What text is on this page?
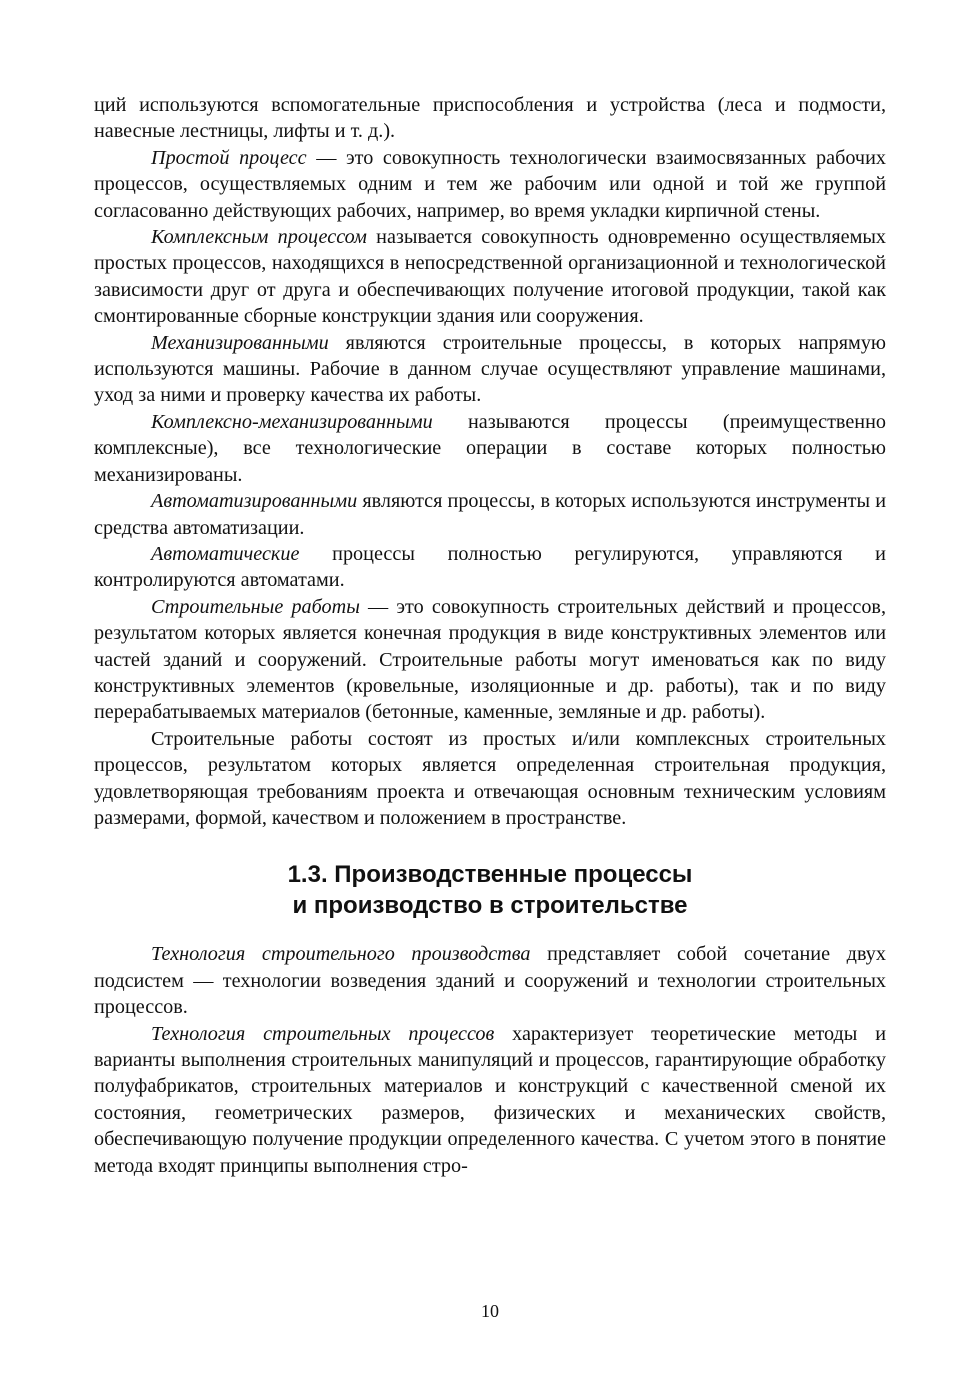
ций используются вспомогательные приспособления и устройства (леса и подмости, навесные лестницы, лифты и т. д.).

Простой процесс — это совокупность технологически взаимосвязанных рабочих процессов, осуществляемых одним и тем же рабочим или одной и той же группой согласованно действующих рабочих, например, во время укладки кирпичной стены.

Комплексным процессом называется совокупность одновременно осуществляемых простых процессов, находящихся в непосредственной организационной и технологической зависимости друг от друга и обеспечивающих получение итоговой продукции, такой как смонтированные сборные конструкции здания или сооружения.

Механизированными являются строительные процессы, в которых напрямую используются машины. Рабочие в данном случае осуществляют управление машинами, уход за ними и проверку качества их работы.

Комплексно-механизированными называются процессы (преимущественно комплексные), все технологические операции в составе которых полностью механизированы.

Автоматизированными являются процессы, в которых используются инструменты и средства автоматизации.

Автоматические процессы полностью регулируются, управляются и контролируются автоматами.

Строительные работы — это совокупность строительных действий и процессов, результатом которых является конечная продукция в виде конструктивных элементов или частей зданий и сооружений. Строительные работы могут именоваться как по виду конструктивных элементов (кровельные, изоляционные и др. работы), так и по виду перерабатываемых материалов (бетонные, каменные, земляные и др. работы).

Строительные работы состоят из простых и/или комплексных строительных процессов, результатом которых является определенная строительная продукция, удовлетворяющая требованиям проекта и отвечающая основным техническим условиям размерами, формой, качеством и положением в пространстве.

1.3. Производственные процессы
и производство в строительстве

Технология строительного производства представляет собой сочетание двух подсистем — технологии возведения зданий и сооружений и технологии строительных процессов.

Технология строительных процессов характеризует теоретические методы и варианты выполнения строительных манипуляций и процессов, гарантирующие обработку полуфабрикатов, строительных материалов и конструкций с качественной сменой их состояния, геометрических размеров, физических и механических свойств, обеспечивающую получение продукции определенного качества. С учетом этого в понятие метода входят принципы выполнения стро-

10
